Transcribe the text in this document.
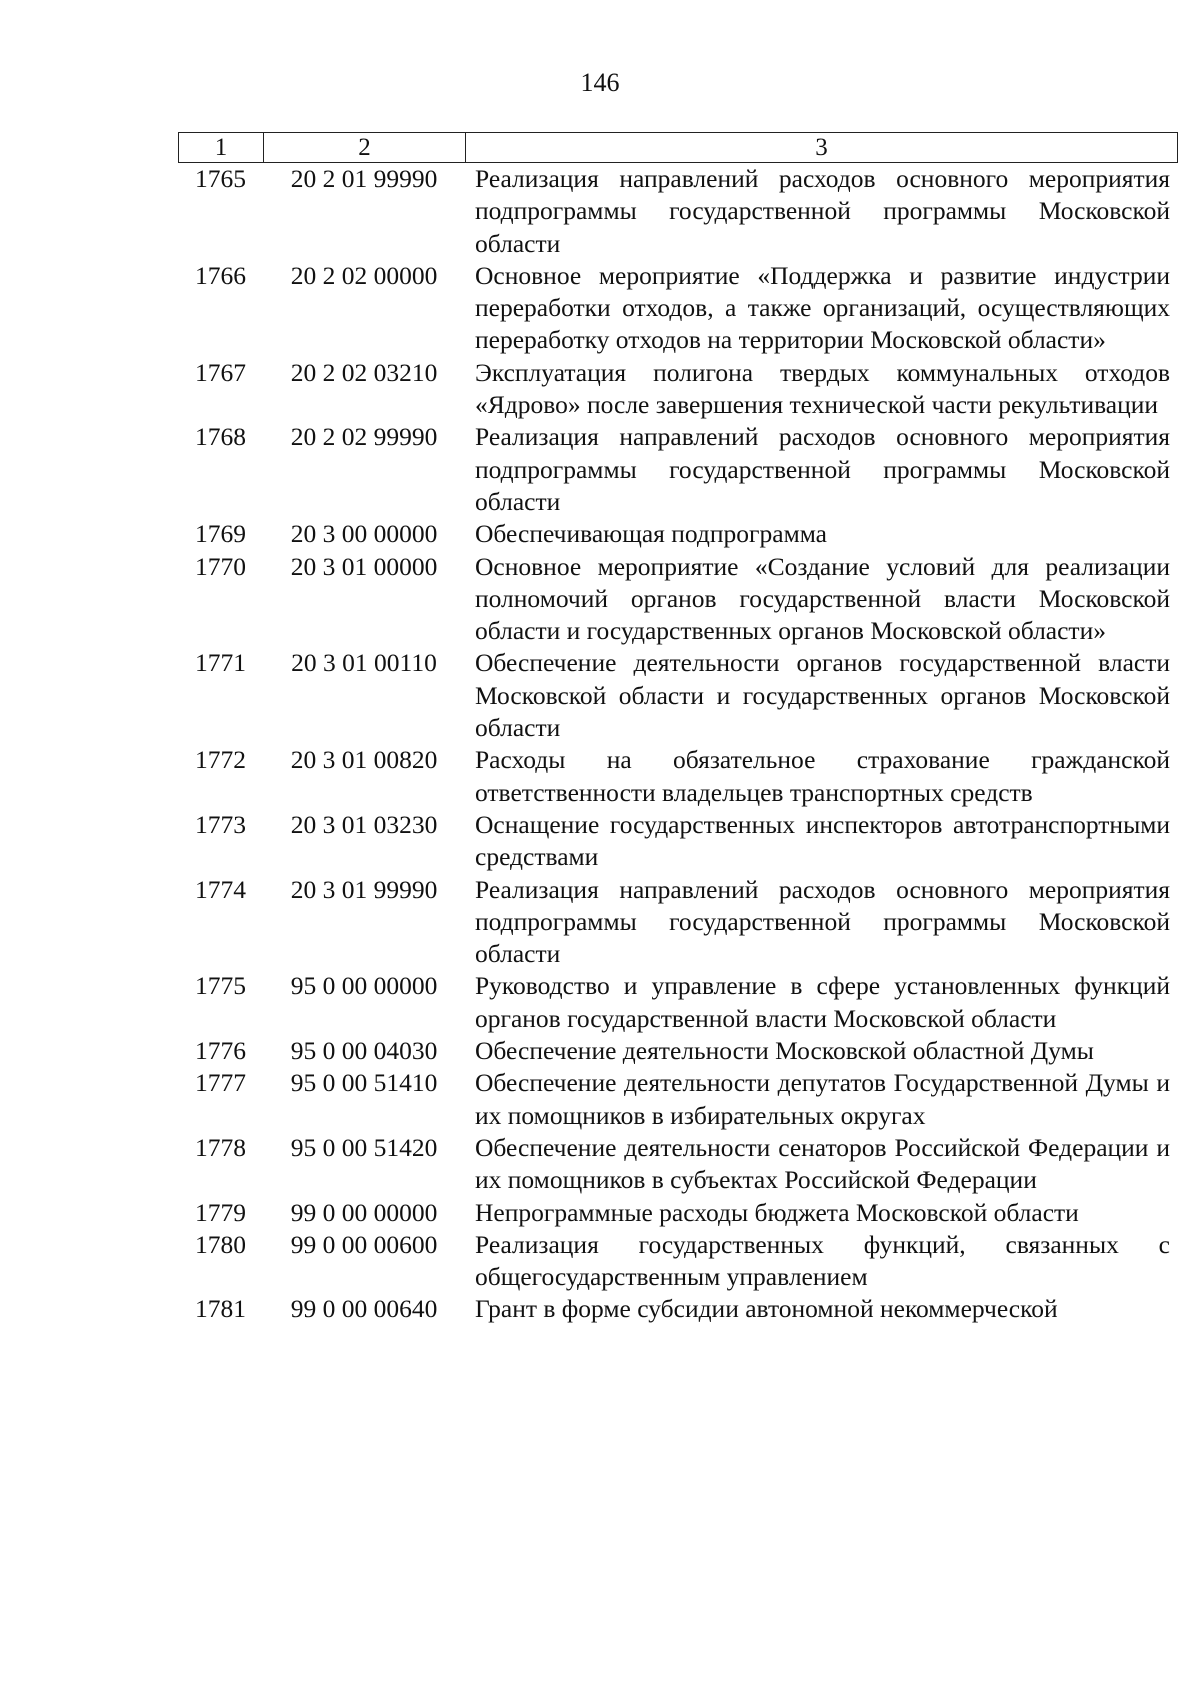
146
1	2	3
1765	20 2 01 99990	Реализация направлений расходов основного мероприятия подпрограммы государственной программы Московской области
1766	20 2 02 00000	Основное мероприятие «Поддержка и развитие индустрии переработки отходов, а также организаций, осуществляющих переработку отходов на территории Московской области»
1767	20 2 02 03210	Эксплуатация полигона твердых коммунальных отходов «Ядрово» после завершения технической части рекультивации
1768	20 2 02 99990	Реализация направлений расходов основного мероприятия подпрограммы государственной программы Московской области
1769	20 3 00 00000	Обеспечивающая подпрограмма
1770	20 3 01 00000	Основное мероприятие «Создание условий для реализации полномочий органов государственной власти Московской области и государственных органов Московской области»
1771	20 3 01 00110	Обеспечение деятельности органов государственной власти Московской области и государственных органов Московской области
1772	20 3 01 00820	Расходы на обязательное страхование гражданской ответственности владельцев транспортных средств
1773	20 3 01 03230	Оснащение государственных инспекторов автотранспортными средствами
1774	20 3 01 99990	Реализация направлений расходов основного мероприятия подпрограммы государственной программы Московской области
1775	95 0 00 00000	Руководство и управление в сфере установленных функций органов государственной власти Московской области
1776	95 0 00 04030	Обеспечение деятельности Московской областной Думы
1777	95 0 00 51410	Обеспечение деятельности депутатов Государственной Думы и их помощников в избирательных округах
1778	95 0 00 51420	Обеспечение деятельности сенаторов Российской Федерации и их помощников в субъектах Российской Федерации
1779	99 0 00 00000	Непрограммные расходы бюджета Московской области
1780	99 0 00 00600	Реализация государственных функций, связанных с общегосударственным управлением
1781	99 0 00 00640	Грант в форме субсидии автономной некоммерческой
